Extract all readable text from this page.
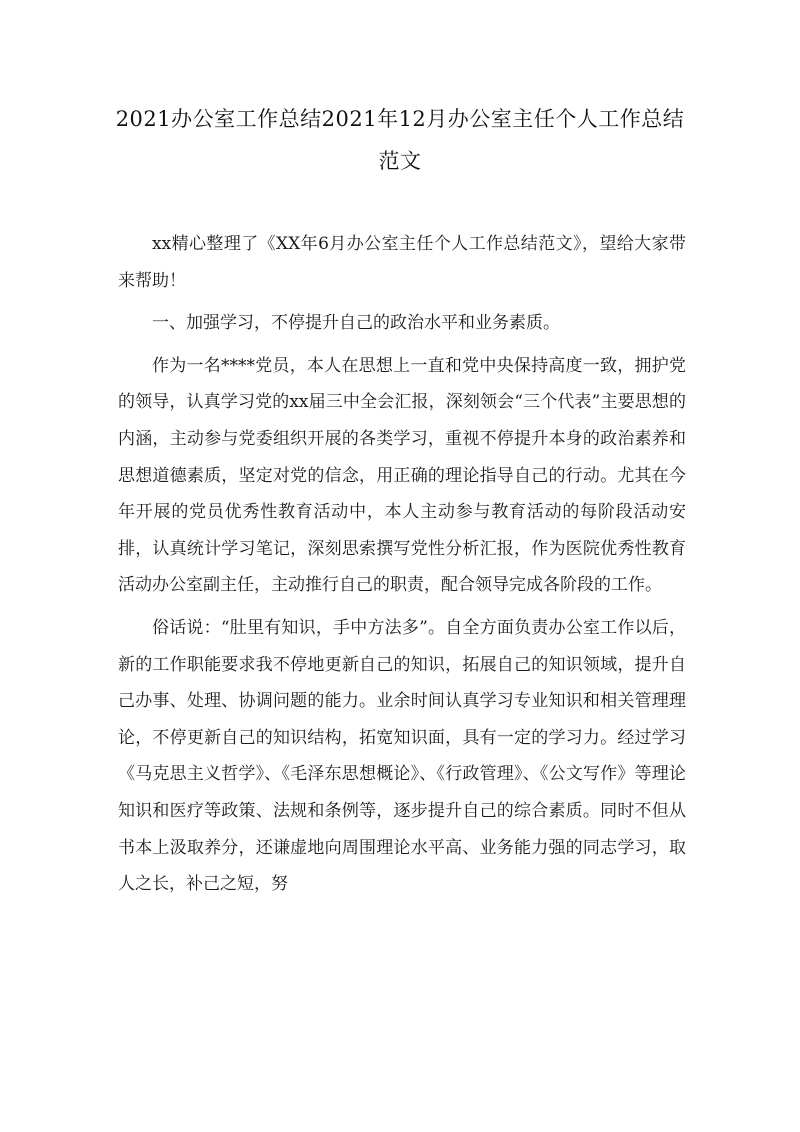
2021办公室工作总结2021年12月办公室主任个人工作总结范文

xx精心整理了《XX年6月办公室主任个人工作总结范文》，望给大家带来帮助！

一、加强学习，不停提升自己的政治水平和业务素质。

作为一名****党员，本人在思想上一直和党中央保持高度一致，拥护党的领导，认真学习党的xx届三中全会汇报，深刻领会“三个代表”主要思想的内涵，主动参与党委组织开展的各类学习，重视不停提升本身的政治素养和思想道德素质，坚定对党的信念，用正确的理论指导自己的行动。尤其在今年开展的党员优秀性教育活动中，本人主动参与教育活动的每阶段活动安排，认真统计学习笔记，深刻思索撰写党性分析汇报，作为医院优秀性教育活动办公室副主任，主动推行自己的职责，配合领导完成各阶段的工作。

俗话说：“肚里有知识，手中方法多”。自全方面负责办公室工作以后，新的工作职能要求我不停地更新自己的知识，拓展自己的知识领域，提升自己办事、处理、协调问题的能力。业余时间认真学习专业知识和相关管理理论，不停更新自己的知识结构，拓宽知识面，具有一定的学习力。经过学习《马克思主义哲学》、《毛泽东思想概论》、《行政管理》、《公文写作》等理论知识和医疗等政策、法规和条例等，逐步提升自己的综合素质。同时不但从书本上汲取养分，还谦虚地向周围理论水平高、业务能力强的同志学习，取人之长，补己之短，努
